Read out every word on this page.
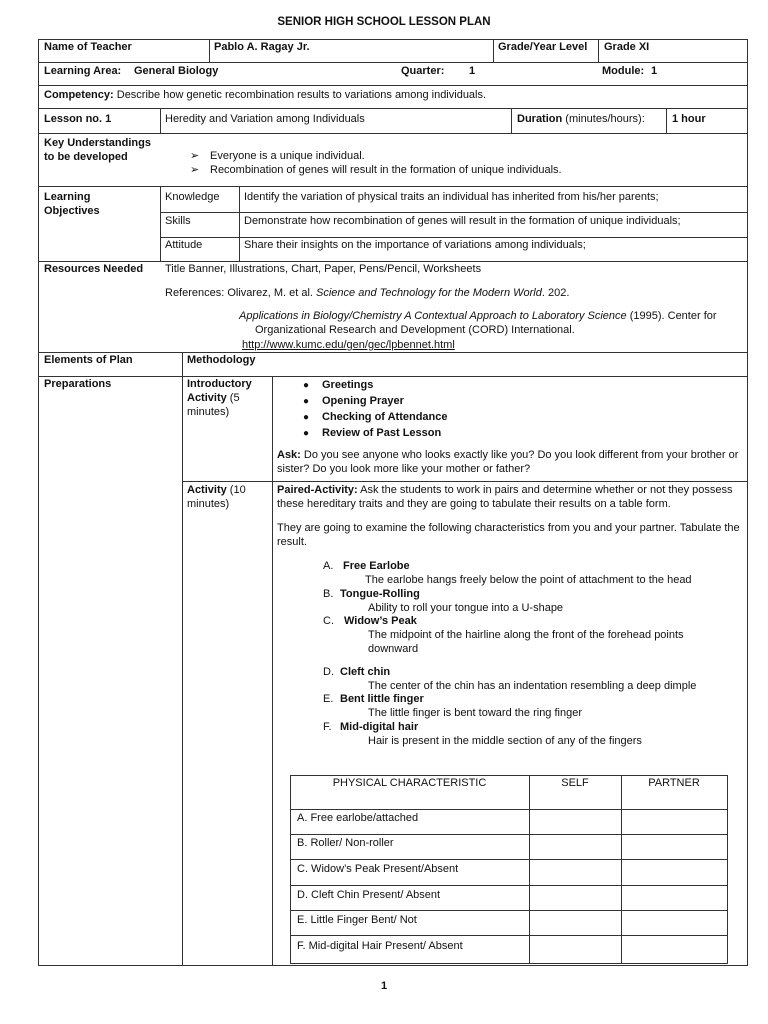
SENIOR HIGH SCHOOL LESSON PLAN
Name of Teacher	Pablo A. Ragay Jr.	Grade/Year Level Grade XI
Learning Area: General Biology	Quarter: 1	Module: 1
Competency: Describe how genetic recombination results to variations among individuals.
Lesson no. 1	Heredity and Variation among Individuals	Duration (minutes/hours): 1 hour
Key Understandings to be developed	➢ Everyone is a unique individual.
➢ Recombination of genes will result in the formation of unique individuals.
Learning Objectives
Knowledge Identify the variation of physical traits an individual has inherited from his/her parents;
Skills	Demonstrate how recombination of genes will result in the formation of unique individuals;
Attitude	Share their insights on the importance of variations among individuals;
Resources Needed Title Banner, Illustrations, Chart, Paper, Pens/Pencil, Worksheets
References: Olivarez, M. et al. Science and Technology for the Modern World. 202.
Applications in Biology/Chemistry A Contextual Approach to Laboratory Science (1995). Center for
Organizational Research and Development (CORD) International.
http://www.kumc.edu/gen/gec/lpbennet.html
Elements of Plan	Methodology
Preparations	Introductory Activity (5 minutes)
● Greetings
● Opening Prayer
● Checking of Attendance
● Review of Past Lesson
Ask: Do you see anyone who looks exactly like you? Do you look different from your brother or sister? Do you look more like your mother or father?
Activity (10 minutes)
Paired-Activity: Ask the students to work in pairs and determine whether or not they possess these hereditary traits and they are going to tabulate their results on a table form.
They are going to examine the following characteristics from you and your partner. Tabulate the result.
A. Free Earlobe
The earlobe hangs freely below the point of attachment to the head
B. Tongue-Rolling
Ability to roll your tongue into a U-shape
C. Widow’s Peak
The midpoint of the hairline along the front of the forehead points downward
D. Cleft chin
The center of the chin has an indentation resembling a deep dimple
E. Bent little finger
The little finger is bent toward the ring finger
F. Mid-digital hair
Hair is present in the middle section of any of the fingers
PHYSICAL CHARACTERISTIC	SELF	PARTNER
A. Free earlobe/attached
B. Roller/ Non-roller
C. Widow’s Peak Present/Absent
D. Cleft Chin Present/ Absent
E. Little Finger Bent/ Not
F. Mid-digital Hair Present/ Absent
1
